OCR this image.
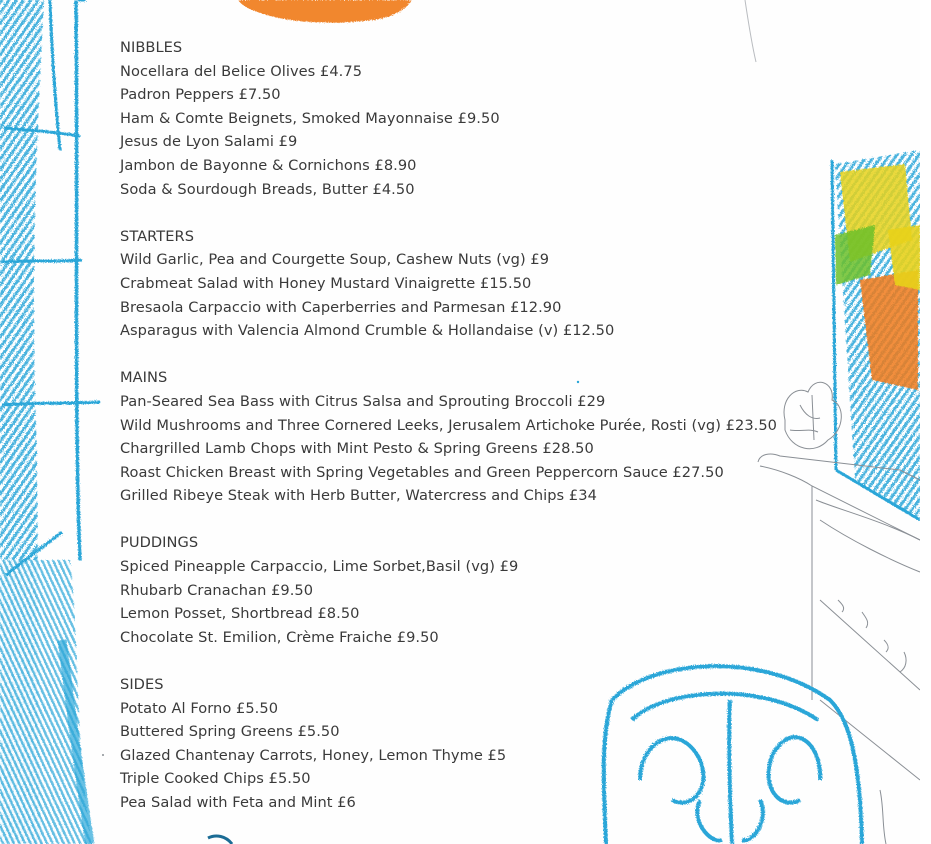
NIBBLES
Nocellara del Belice Olives £4.75
Padron Peppers £7.50
Ham & Comte Beignets, Smoked Mayonnaise £9.50
Jesus de Lyon Salami £9
Jambon de Bayonne & Cornichons £8.90
Soda & Sourdough Breads, Butter £4.50
STARTERS
Wild Garlic, Pea and Courgette Soup, Cashew Nuts (vg) £9
Crabmeat Salad with Honey Mustard Vinaigrette £15.50
Bresaola Carpaccio with Caperberries and Parmesan £12.90
Asparagus with Valencia Almond Crumble & Hollandaise (v) £12.50
MAINS
Pan-Seared Sea Bass with Citrus Salsa and Sprouting Broccoli £29
Wild Mushrooms and Three Cornered Leeks, Jerusalem Artichoke Purée, Rosti (vg) £23.50
Chargrilled Lamb Chops with Mint Pesto & Spring Greens £28.50
Roast Chicken Breast with Spring Vegetables and Green Peppercorn Sauce £27.50
Grilled Ribeye Steak with Herb Butter, Watercress and Chips £34
PUDDINGS
Spiced Pineapple Carpaccio, Lime Sorbet,Basil (vg) £9
Rhubarb Cranachan £9.50
Lemon Posset, Shortbread £8.50
Chocolate St. Emilion, Crème Fraiche £9.50
SIDES
Potato Al Forno £5.50
Buttered Spring Greens £5.50
Glazed Chantenay Carrots, Honey, Lemon Thyme £5
Triple Cooked Chips £5.50
Pea Salad with Feta and Mint £6
